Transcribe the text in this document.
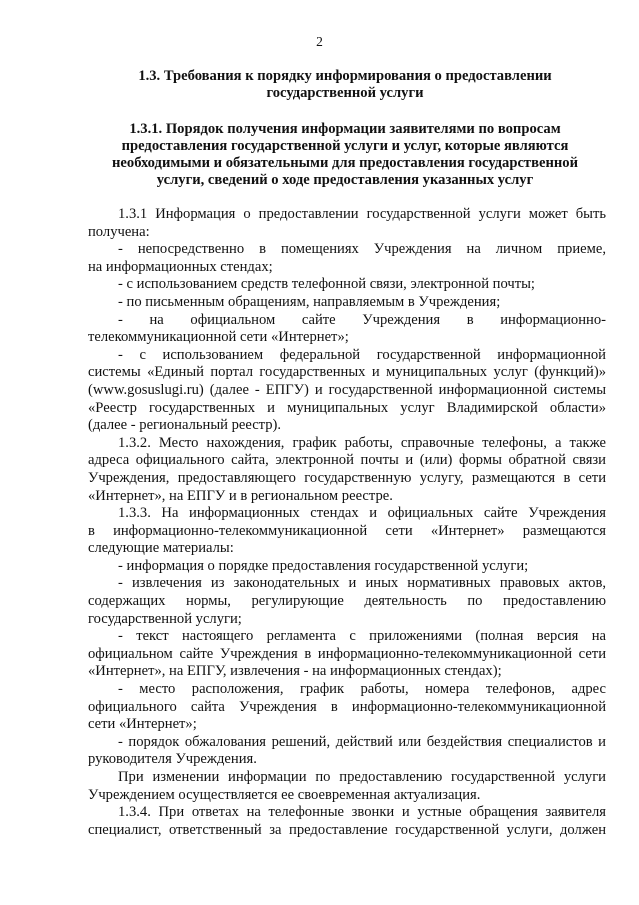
2
1.3. Требования к порядку информирования о предоставлении
государственной услуги
1.3.1. Порядок получения информации заявителями по вопросам
предоставления государственной услуги и услуг, которые являются
необходимыми и обязательными для предоставления государственной
услуги, сведений о ходе предоставления указанных услуг
1.3.1 Информация о предоставлении государственной услуги может быть
получена:
- непосредственно в помещениях Учреждения на личном приеме,
на информационных стендах;
- с использованием средств телефонной связи, электронной почты;
- по письменным обращениям, направляемым в Учреждения;
- на официальном сайте Учреждения в информационно-
телекоммуникационной сети «Интернет»;
- с использованием федеральной государственной информационной
системы «Единый портал государственных и муниципальных услуг (функций)»
(www.gosuslugi.ru) (далее - ЕПГУ) и государственной информационной системы
«Реестр государственных и муниципальных услуг Владимирской области»
(далее - региональный реестр).
1.3.2. Место нахождения, график работы, справочные телефоны, а также
адреса официального сайта, электронной почты и (или) формы обратной связи
Учреждения, предоставляющего государственную услугу, размещаются в сети
«Интернет», на ЕПГУ и в региональном реестре.
1.3.3. На информационных стендах и официальных сайте Учреждения
в информационно-телекоммуникационной сети «Интернет» размещаются
следующие материалы:
- информация о порядке предоставления государственной услуги;
- извлечения из законодательных и иных нормативных правовых актов,
содержащих нормы, регулирующие деятельность по предоставлению
государственной услуги;
- текст настоящего регламента с приложениями (полная версия на
официальном сайте Учреждения в информационно-телекоммуникационной сети
«Интернет», на ЕПГУ, извлечения - на информационных стендах);
- место расположения, график работы, номера телефонов, адрес
официального сайта Учреждения в информационно-телекоммуникационной
сети «Интернет»;
- порядок обжалования решений, действий или бездействия специалистов и
руководителя Учреждения.
При изменении информации по предоставлению государственной услуги
Учреждением осуществляется ее своевременная актуализация.
1.3.4. При ответах на телефонные звонки и устные обращения заявителя
специалист, ответственный за предоставление государственной услуги, должен
